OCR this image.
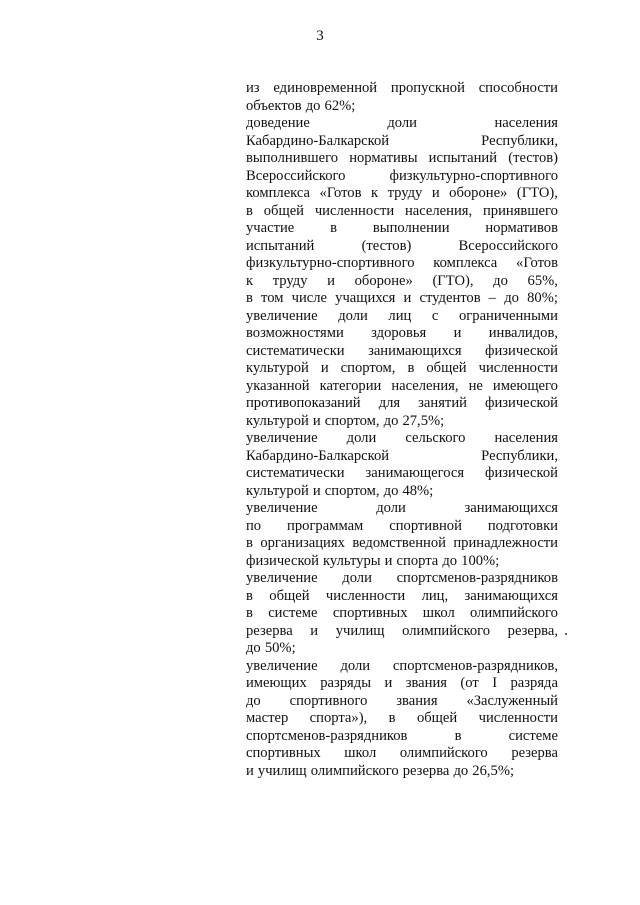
3
из единовременной пропускной способности
объектов до 62%;
доведение	доли	населения
Кабардино-Балкарской	Республики,
выполнившего нормативы испытаний (тестов)
Всероссийского	физкультурно-спортивного
комплекса «Готов к труду и обороне» (ГТО),
в общей численности населения, принявшего
участие в выполнении нормативов
испытаний	(тестов)	Всероссийского
физкультурно-спортивного комплекса «Готов
к труду и обороне» (ГТО), до 65%,
в том числе учащихся и студентов – до 80%;
увеличение доли лиц с ограниченными
возможностями здоровья и инвалидов,
систематически занимающихся физической
культурой и спортом, в общей численности
указанной категории населения, не имеющего
противопоказаний для занятий физической
культурой и спортом, до 27,5%;
увеличение доли сельского населения
Кабардино-Балкарской	Республики,
систематически занимающегося физической
культурой и спортом, до 48%;
увеличение	доли	занимающихся
по программам спортивной подготовки
в организациях ведомственной принадлежности
физической культуры и спорта до 100%;
увеличение доли спортсменов-разрядников
в общей численности лиц, занимающихся
в системе спортивных школ олимпийского
резерва и училищ олимпийского резерва,
до 50%;
увеличение доли спортсменов-разрядников,
имеющих разряды и звания (от I разряда
до спортивного звания «Заслуженный
мастер спорта»), в общей численности
спортсменов-разрядников	в	системе
спортивных школ олимпийского резерва
и училищ олимпийского резерва до 26,5%;
